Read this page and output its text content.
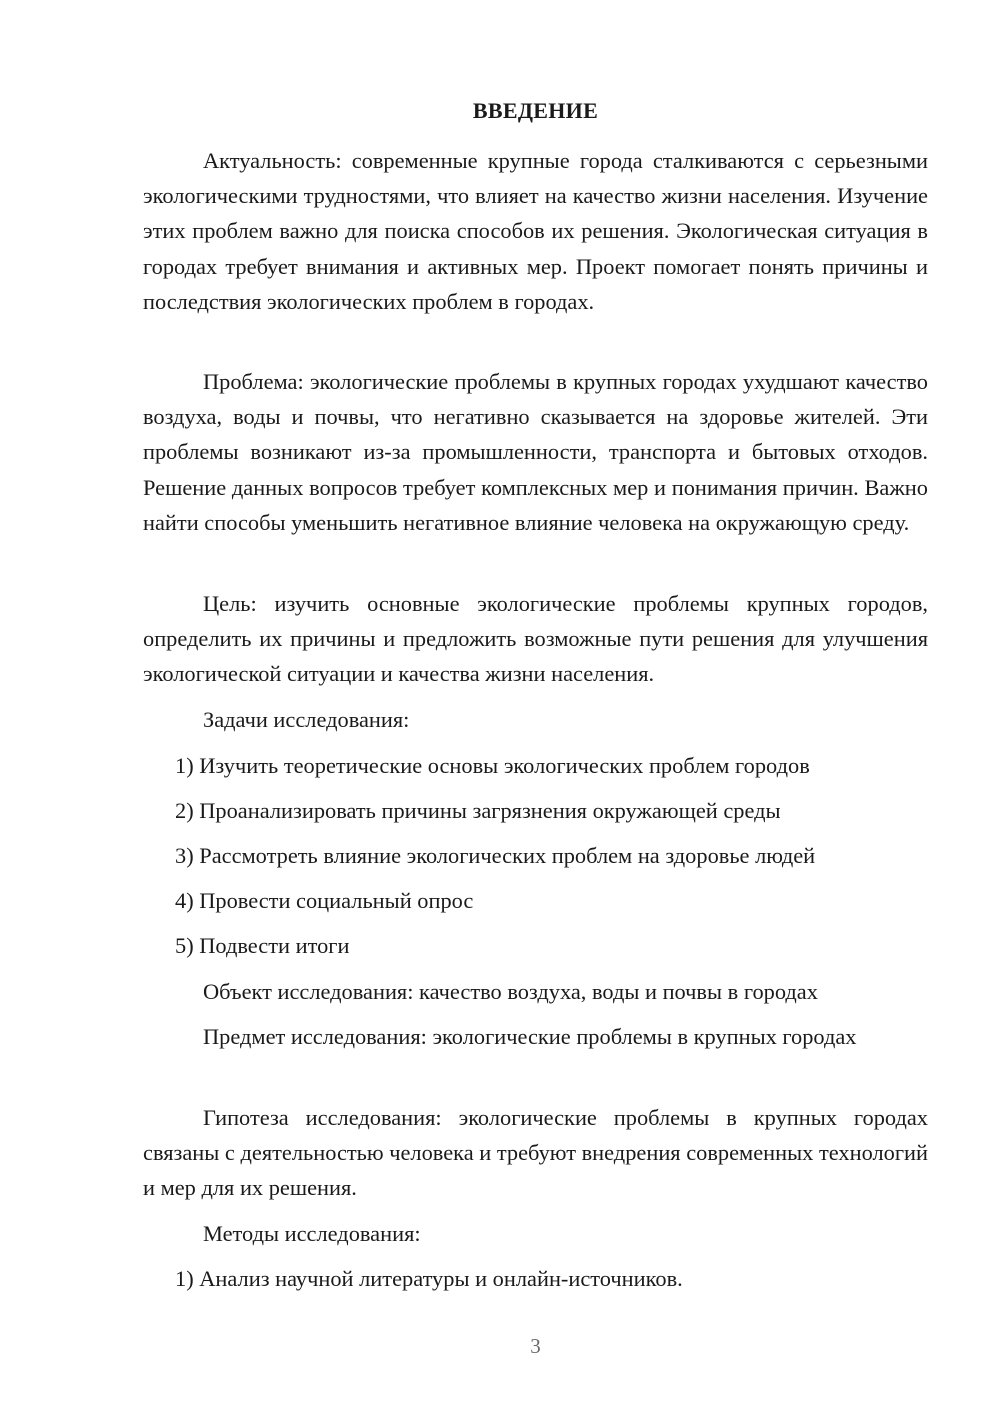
ВВЕДЕНИЕ

Актуальность: современные крупные города сталкиваются с серьезными экологическими трудностями, что влияет на качество жизни населения. Изучение этих проблем важно для поиска способов их решения. Экологическая ситуация в городах требует внимания и активных мер. Проект помогает понять причины и последствия экологических проблем в городах.

Проблема: экологические проблемы в крупных городах ухудшают качество воздуха, воды и почвы, что негативно сказывается на здоровье жителей. Эти проблемы возникают из-за промышленности, транспорта и бытовых отходов. Решение данных вопросов требует комплексных мер и понимания причин. Важно найти способы уменьшить негативное влияние человека на окружающую среду.

Цель: изучить основные экологические проблемы крупных городов, определить их причины и предложить возможные пути решения для улучшения экологической ситуации и качества жизни населения.

Задачи исследования:

1) Изучить теоретические основы экологических проблем городов

2) Проанализировать причины загрязнения окружающей среды

3) Рассмотреть влияние экологических проблем на здоровье людей

4) Провести социальный опрос

5) Подвести итоги

Объект исследования: качество воздуха, воды и почвы в городах

Предмет исследования: экологические проблемы в крупных городах

Гипотеза исследования: экологические проблемы в крупных городах связаны с деятельностью человека и требуют внедрения современных технологий и мер для их решения.

Методы исследования:

1) Анализ научной литературы и онлайн-источников.

3
